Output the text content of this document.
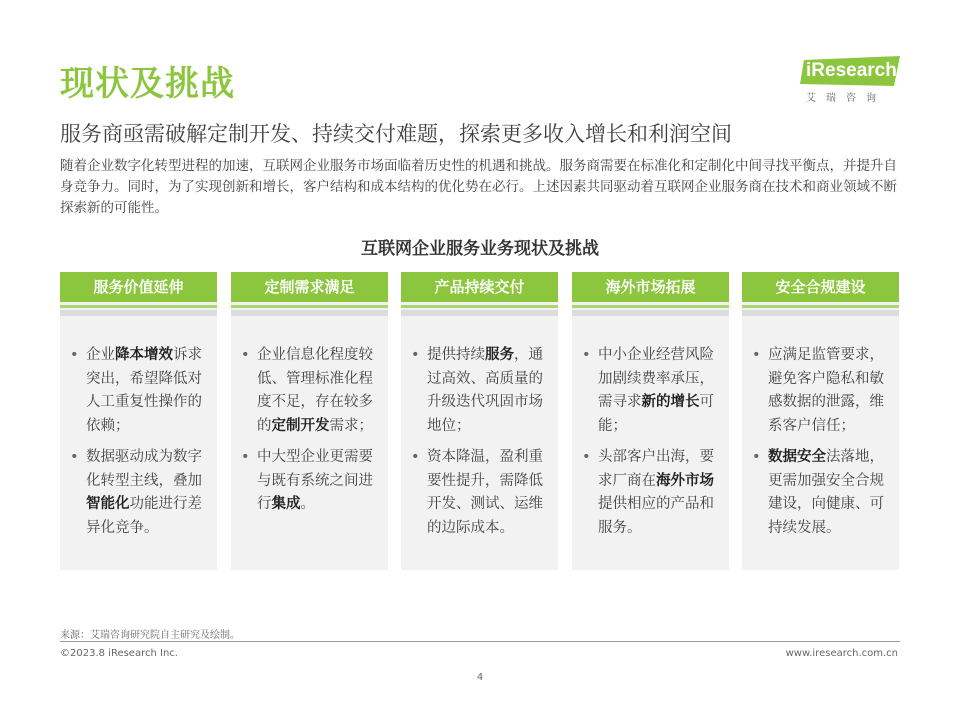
现状及挑战	iResearch
艾瑞咨询
服务商亟需破解定制开发、持续交付难题，探索更多收入增长和利润空间

随着企业数字化转型进程的加速，互联网企业服务市场面临着历史性的机遇和挑战。服务商需要在标准化和定制化中间寻找平衡点，并提升自身竞争力。同时，为了实现创新和增长，客户结构和成本结构的优化势在必行。上述因素共同驱动着互联网企业服务商在技术和商业领域不断探索新的可能性。

互联网企业服务业务现状及挑战
服务价值延伸
• 企业降本增效诉求突出，希望降低对人工重复性操作的依赖；
• 数据驱动成为数字化转型主线，叠加智能化功能进行差异化竞争。
定制需求满足
• 企业信息化程度较低、管理标准化程度不足，存在较多的定制开发需求；
• 中大型企业更需要与既有系统之间进行集成。
产品持续交付
• 提供持续服务，通过高效、高质量的升级迭代巩固市场地位；
• 资本降温，盈利重要性提升，需降低开发、测试、运维的边际成本。
海外市场拓展
• 中小企业经营风险加剧续费率承压，需寻求新的增长可能；
• 头部客户出海，要求厂商在海外市场提供相应的产品和服务。
安全合规建设
• 应满足监管要求，避免客户隐私和敏感数据的泄露，维系客户信任；
• 数据安全法落地，更需加强安全合规建设，向健康、可持续发展。
来源：艾瑞咨询研究院自主研究及绘制。
©2023.8 iResearch Inc.	www.iresearch.com.cn
4
